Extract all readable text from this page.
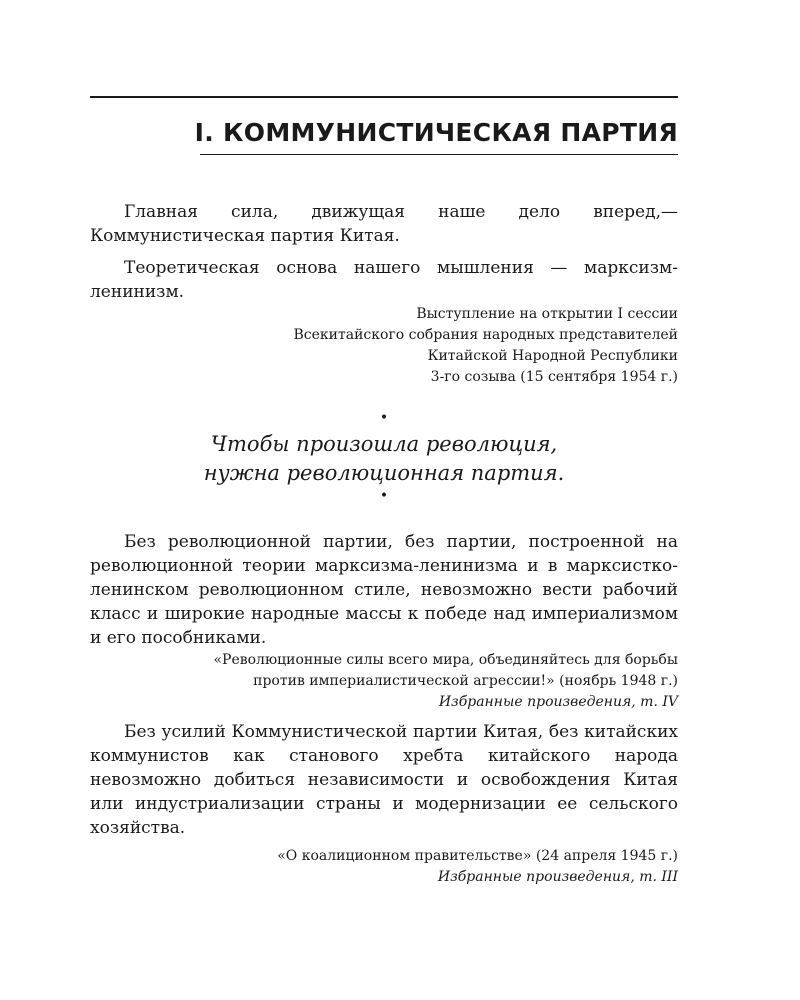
I. КОММУНИСТИЧЕСКАЯ ПАРТИЯ

Главная сила, движущая наше дело вперед,— Коммунистическая партия Китая.

Теоретическая основа нашего мышления — марксизм-ленинизм.

Выступление на открытии I сессии
Всекитайского собрания народных представителей
Китайской Народной Республики
3-го созыва (15 сентября 1954 г.)
•
Чтобы произошла революция,
нужна революционная партия.
•

Без революционной партии, без партии, построенной на революционной теории марксизма-ленинизма и в марксистко-ленинском революционном стиле, невозможно вести рабочий класс и широкие народные массы к победе над империализмом и его пособниками.

«Революционные силы всего мира, объединяйтесь для борьбы
против империалистической агрессии!» (ноябрь 1948 г.)
Избранные произведения, т. IV

Без усилий Коммунистической партии Китая, без китайских коммунистов как станового хребта китайского народа невозможно добиться независимости и освобождения Китая или индустриализации страны и модернизации ее сельского хозяйства.

«О коалиционном правительстве» (24 апреля 1945 г.)
Избранные произведения, т. III
